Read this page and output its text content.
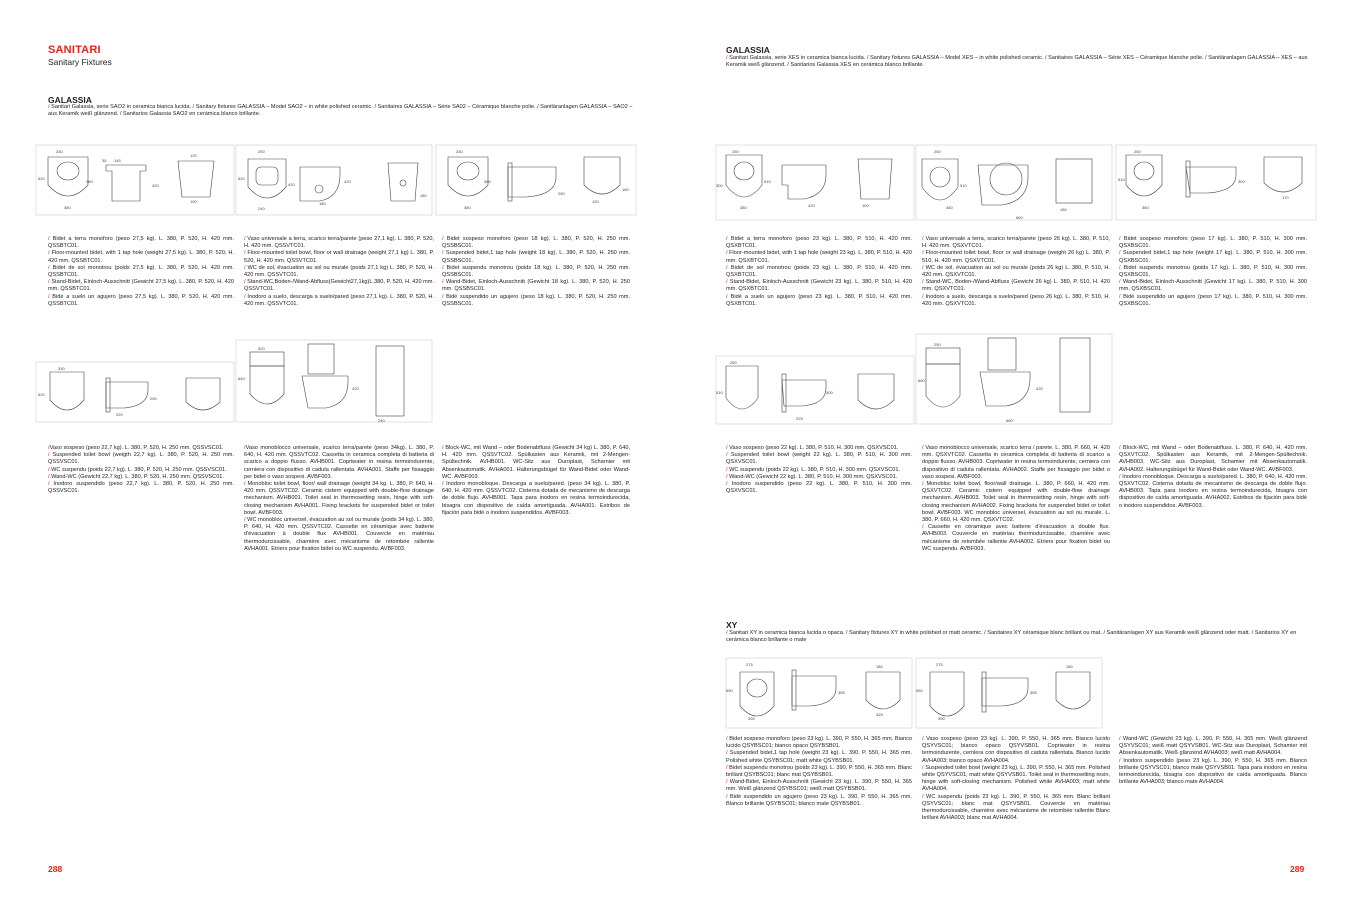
SANITARI
Sanitary Fixtures
GALASSIA
/ Sanitari Galassia, serie SAO2 in ceramica bianca lucida. / Sanitary fixtures GALASSIA – Model SAO2 – in white polished ceramic. / Sanitaires GALASSIA – Série SA02 – Céramique blanche polie. / Sanitäranlagen GALASSIA – SAO2 – aus Keramik weiß glänzend. / Sanitarios Galassia SAO2 en cerámica blanco brillante.
330
520
380
380
35 145
420
120
100
250
520
420
240
180
420
180
330
380
380
250
120
180

/ Bidet a terra monoforo (peso 27,5 kg). L. 380, P. 520, H. 420 mm. QSSBTC01.

/ Floor-mounted bidet, with 1 tap hole (weight 27,5 kg). L. 380, P. 520, H. 420 mm. QSSBTC01.

/ Bidet de sol monotrou (poids 27,5 kg). L. 380, P. 520, H. 420 mm. QSSBTC01.

/ Stand-Bidet, Einloch-Ausschnitt (Gewicht 27,5 kg). L. 380, P. 520, H. 420 mm. QSSBTC01.

/ Bidé a suelo un agujero (peso 27,5 kg). L. 380, P. 520, H. 420 mm. QSSBTC01.

/ Vaso universale a terra, scarico terra/parete (peso 27,1 kg). L. 380, P. 520, H. 420 mm. QSSVTC01.

/ Floor-mounted toilet bowl, floor or wall drainage (weight 27,1 kg) L. 380, P. 520, H. 420 mm. QSSVTC01.

/ WC de sol, évacuation au sol ou murale (poids 27,1 kg) L. 380, P. 520, H. 420 mm. QSSVTC01.

/ Stand-WC,Boden-/Wand-Abfluss(Gewicht27,1kg)L.380, P. 520, H. 420 mm. QSSVTC01.

/ Inodoro a suelo, descarga a suelo/pared (peso 27,1 kg). L. 380, P. 520, H. 420 mm. QSSVTC01.

/ Bidet sospeso monoforo (peso 18 kg). L. 380, P. 520, H. 250 mm. QSSBSC01.

/ Suspended bidet,1 tap hole (weight 18 kg). L. 380, P. 520, H. 250 mm. QSSBSC01.

/ Bidet suspendu monotrou (poids 18 kg). L. 380, P. 520, H. 250 mm. QSSBSC01.

/ Wand-Bidet, Einloch-Ausschnitt (Gewicht 18 kg). L. 380, P. 520, H. 250 mm. QSSBSC01.

/ Bidé suspendido un agujero (peso 18 kg). L. 380, P. 520, H. 250 mm. QSSBSC01.

330
520
250
220
520
640
420
240

/Vaso sospeso (peso 22,7 kg). L. 380, P. 520, H. 250 mm. QSSVSC01.

/ Suspended toilet bowl (weigth 22,7 kg). L. 380, P. 520, H. 250 mm. QSSVSC01.

/ WC suspendu (poids 22,7 kg). L. 380, P. 520, H. 250 mm. QSSVSC01.

/ Wand-WC (Gewicht 22,7 kg). L. 380, P. 520, H. 250 mm. QSSVSC01.

/ Inodoro suspendido (peso 22,7 kg). L. 380, P. 520, H. 250 mm. QSSVSC01.

/Vaso monoblocco universale, scarico terra/parete (peso 34kg). L. 380, P. 640, H. 420 mm. QSSVTC02. Cassetta in ceramica completa di batteria di scarico a doppio flusso. AVHB001. Copriwater in resina termoindurente, cerniera con dispositivo di caduta rallentata. AVHA001. Staffe per fissaggio per bidet o vaso sospesi. AVBF003.

/ Monobloc toilet bowl, floor/ wall drainage (weight 34 kg. L. 380, P. 640, H. 420 mm. QSSVTC02. Ceramic cistern equipped with double-flow drainage mechanism. AVHB001. Toilet seal in thermosetting resin, hinge with soft-closing mechanism AVHA001. Fixing brackets for suspended bidet or toilet bowl. AVBF003.

/ WC monobloc universel, évacuation au sol ou murale (poids 34 kg). L. 380, P. 640, H. 420 mm. QSSVTC02. Cassette en céramique avec batterie d'évacuation à double flux AVHB001. Couvercle en matériau thermodurcissable, charnière avec mécanisme de retombée rallentie AVHA001. Etriers pour fixation bidet ou WC suspendu. AVBF003.

/ Block-WC, mit Wand – oder Bodenabfluss (Gewicht 34 kg) L. 380, P. 640, H. 420 mm. QSSVTC02. Spülkasten aus Keramik, mit 2-Mengen-Spültechnik. AVHB001. WC-Sitz aus Duroplast, Scharnier mit Absenkautomatik. AVHA001. Halterungsbügel für Wand-Bidet oder Wand-WC. AVBF003.

/ Inodoro monobloque. Descarga a suelo/pared. (peso 34 kg). L. 380, P. 640, H. 420 mm. QSSVTC02. Cisterna dotada de mecanismo de descarga de doble flujo. AVHB001. Tapa para inodoro en resina termoindurecida, bisagra con dispositivo de caída amortiguada. AVHA001. Estribos de fijación para bidé o inodoro suspendidos. AVBF003.

288
GALASSIA
/ Sanitari Galassia, serie XES in ceramica bianca lucida. / Sanitary fixtures GALASSIA – Model XES – in white polished ceramic. / Sanitaires GALASSIA – Série XES – Céramique blanche polie. / Sanitäranlagen GALASSIA – XES – aus Keramik weiß glänzend. / Sanitarios Galassia XES en cerámica blanco brillante.
250
300
510
380	420	100
250
510
380
660
180
250
510
380
300
170

/ Bidet a terra monoforo (peso 23 kg). L. 380, P. 510, H. 420 mm. QSXBTC01.

/ Floor-mounted bidet, with 1 tap hole (weight 23 kg). L. 380, P. 510, H. 420 mm. QSXBTC01.

/ Bidet de sol monotrou (poids 23 kg). L. 380, P. 510, H. 420 mm. QSXBTC01.

/ Stand-Bidet, Einloch-Ausschnitt (Gewicht 23 kg). L. 380, P. 510, H. 420 mm. QSXBTC01.

/ Bidé a suelo un agujero (peso 23 kg). L. 380, P. 510, H. 420 mm. QSXBTC01.

/ Vaso universale a terra, scarico terra/parete (peso 26 kg). L. 380, P. 510, H. 420 mm. QSXVTC01.

/ Floor-mounted toilet bowl, floor or wall drainage (weight 26 kg) L. 380, P. 510, H. 420 mm. QSXVTC01.

/ WC de sol, évacuation au sol ou murale (poids 26 kg) L. 380, P. 510, H. 420 mm. QSXVTC01.

/ Stand-WC, Boden-/Wand-Abfluss (Gewicht 26 kg) L. 380, P. 510, H. 420 mm. QSXVTC01.

/ Inodoro a suelo, descarga a suelo/pared (peso 26 kg). L. 380, P. 510, H. 420 mm. QSXVTC01.

/ Bidet sospeso monoforo (peso 17 kg). L. 380, P. 510, H. 300 mm. QSXBSC01.

/ Suspended bidet,1 tap hole (weight 17 kg). L. 380, P. 510, H. 300 mm. QSXBSC01.

/ Bidet suspendu monotrou (poids 17 kg). L. 380, P. 510, H. 300 mm. QSXBSC01.

/ Wand-Bidet, Einloch-Ausschnitt (Gewicht 17 kg). L. 380, P. 510, H. 300 mm. QSXBSC01.

/ Bidé suspendido un agujero (peso 17 kg). L. 380, P. 510, H. 300 mm. QSXBSC01.

250
510	300
225
250
660
420
660

/ Vaso sospeso (peso 22 kg). L. 380, P. 510, H. 300 mm. QSXVSC01.

/ Suspended toilet bowl (weight 22 kg). L. 380, P. 510, H. 300 mm. QSXVSC01.

/ WC suspendu (poids 22 kg). L. 380, P. 510, H. 300 mm. QSXVSC01.

/ Wand-WC (Gewicht 22 kg). L. 380, P. 510, H. 300 mm. QSXVSC01.

/ Inodoro suspendido (peso 22 kg). L. 380, P. 510, H. 300 mm. QSXVSC01.

/ Vaso monoblocco universale, scarico terra / parete. L. 380, P. 660, H. 420 mm. QSXVTC02. Cassetta in ceramica completa di batteria di scarico a doppio flusso. AVHB003. Copriwater in resina termoindurente, cerniera con dispositivo di caduta rallentata. AVHA002. Staffe per fissaggio per bidet o vaso sospesi. AVBF003.

/ Monobloc toilet bowl, floor/wall drainage. L. 380, P. 660, H. 420 mm. QSXVTC02. Ceramic cistern equipped with double-flow drainage mechanism. AVHB003. Toilet seal in thermosetting resin, hinge with soft-closing mechanism AVHA002. Fixing brackets for suspended bidet or toilet bowl. AVBF003. WC monobloc universel, évacuation au sol ou murale. L. 380, P. 660, H. 420 mm. QSXVTC02.

/ Cassette en céramique avec batterie d'évacuation à double flux. AVHB003. Couvercle en matériau thermodurcissable, charnière avec mécanisme de retombée rallentie AVHA002. Etriers pour fixation bidet ou WC suspendu. AVBF003.

/ Block-WC, mit Wand – oder Bodenabfluss. L. 380, P. 640, H. 420 mm. QSXVTC02. Spülkasten aus Keramik, mit 2-Mengen-Spültechnik. AVHB003. WC-Sitz aus Duroplast, Schamier mit Absenkautomatik. AVHA002. Halterungsbügel für Wand-Bidet oder Wand-WC. AVBF003.

/ Inodoro monobloque. Descarga a suelo/pared. L. 380, P. 640, H. 420 mm. QSXVTC02. Cisterna dotada de mecanismo de descarga de doble flujo. AVHB003. Tapa para inodoro en resina termoindurecida, bisagra con dispositivo de caída amortiguada. AVHA002. Estribos de fijación para bidé o inodoro suspendidos. AVBF003.

XY
/ Sanitari XY in ceramica bianca lucida o opaca. / Sanitary fixtures XY in white polished or matt ceramic. / Sanitaires XY céramique blanc brillant ou mat. / Sanitäranlagen XY aus Keramik weiß glänzend oder matt. / Sanitarios XY en cerámica blanco brillante o mate
275
550
390
365
325
180	275
550
390
365
180

/ Bidet sospeso monoforo (peso 23 kg). L. 390, P. 550, H. 365 mm. Bianco lucido QSYBSC01; bianco opaco QSYBSB01.

/ Suspended bidet,1 tap hole (weight 23 kg). L. 390, P. 550, H. 365 mm. Polished white QSYBSC01; matt white QSYBSB01.

/ Bidet suspendu monotrou (poids 23 kg). L. 390, P. 550, H. 365 mm. Blanc brillant QSYBSC01; blanc mat QSYBSB01.

/ Wand-Bidet, Einloch-Ausschnitt (Gewicht 23 kg). L. 390, P. 550, H. 365 mm. Weiß glänzend QSYBSC01; weiß matt QSYBSB01.

/ Bidé suspendido un agujero (peso 23 kg). L. 390, P. 550, H. 365 mm. Blanco brillante QSYBSC01; blanco mate QSYBSB01.

/ Vaso sospeso (peso 23 kg). L. 390, P. 550, H. 365 mm. Bianco lucido QSYVSC01; bianco opaco QSYVSB01. Copriwater in resina termoindurente, cerniera con dispositivo di caduta rallentata. Bianco lucido AVHA003; bianco opaco AVHA004.

/ Suspended toilet bowl (weight 23 kg). L. 390, P. 550, H. 365 mm. Polished white QSYVSC01; matt white QSYVSB01. Toilet seal in thermosetting resin, hinge with soft-closing mechanism. Polished white AVHA003; matt white AVHA004.

/ WC suspendu (poids 23 kg). L. 390, P. 550, H. 365 mm. Blanc brillant QSYVSC01; blanc mat QSYVSB01. Couvercle en matériau thermodurcissable, charnière avec mécanisme de retombée rallentie Blanc brillant AVHA003; blanc mat AVHA004.

/ Wand-WC (Gewicht 23 kg). L. 390, P. 550, H. 365 mm. Weiß glänzend QSYVSC01; weiß matt QSYVSB01. WC-Sitz aus Duroplast, Schamier mit Absenkautomatik. Weiß glänzend AVHA003; weiß matt AVHA004.

/ Inodoro suspendido (peso 23 kg). L. 390, P. 550, H. 365 mm. Blanco brillante QSYVSC01; blanco mate QSYVSB01. Tapa para inodoro en resina termoindurecida, bisagra con dispositivo de caída amortiguada. Blanco brillante AVHA003; blanco mate AVHA004.

289
